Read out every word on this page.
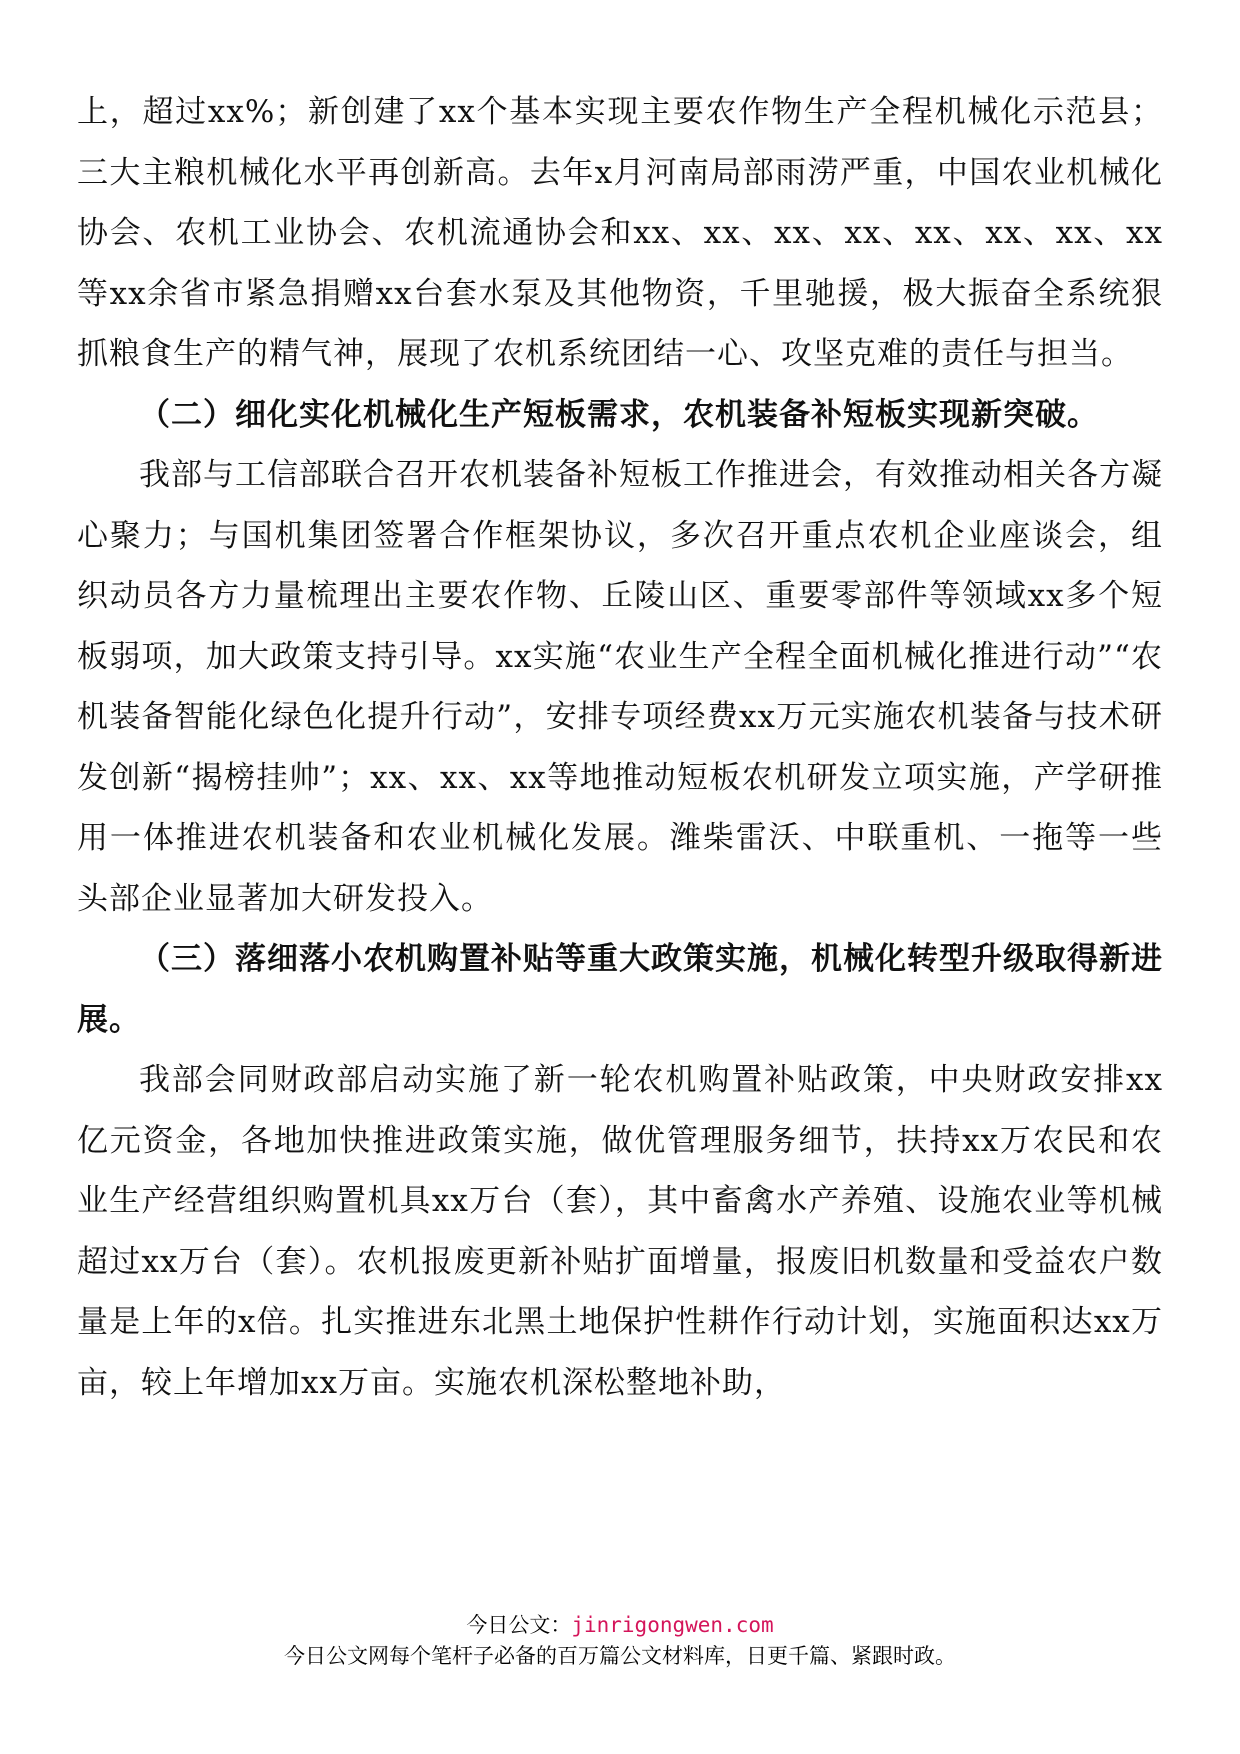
上，超过xx%；新创建了xx个基本实现主要农作物生产全程机械化示范县；三大主粮机械化水平再创新高。去年x月河南局部雨涝严重，中国农业机械化协会、农机工业协会、农机流通协会和xx、xx、xx、xx、xx、xx、xx、xx等xx余省市紧急捐赠xx台套水泵及其他物资，千里驰援，极大振奋全系统狠抓粮食生产的精气神，展现了农机系统团结一心、攻坚克难的责任与担当。

（二）细化实化机械化生产短板需求，农机装备补短板实现新突破。

我部与工信部联合召开农机装备补短板工作推进会，有效推动相关各方凝心聚力；与国机集团签署合作框架协议，多次召开重点农机企业座谈会，组织动员各方力量梳理出主要农作物、丘陵山区、重要零部件等领域xx多个短板弱项，加大政策支持引导。xx实施“农业生产全程全面机械化推进行动”“农机装备智能化绿色化提升行动”，安排专项经费xx万元实施农机装备与技术研发创新“揭榜挂帅”；xx、xx、xx等地推动短板农机研发立项实施，产学研推用一体推进农机装备和农业机械化发展。潍柴雷沃、中联重机、一拖等一些头部企业显著加大研发投入。

（三）落细落小农机购置补贴等重大政策实施，机械化转型升级取得新进展。

我部会同财政部启动实施了新一轮农机购置补贴政策，中央财政安排xx亿元资金，各地加快推进政策实施，做优管理服务细节，扶持xx万农民和农业生产经营组织购置机具xx万台（套），其中畜禽水产养殖、设施农业等机械超过xx万台（套）。农机报废更新补贴扩面增量，报废旧机数量和受益农户数量是上年的x倍。扎实推进东北黑土地保护性耕作行动计划，实施面积达xx万亩，较上年增加xx万亩。实施农机深松整地补助，

今日公文：jinrigongwen.com
今日公文网每个笔杆子必备的百万篇公文材料库，日更千篇、紧跟时政。
